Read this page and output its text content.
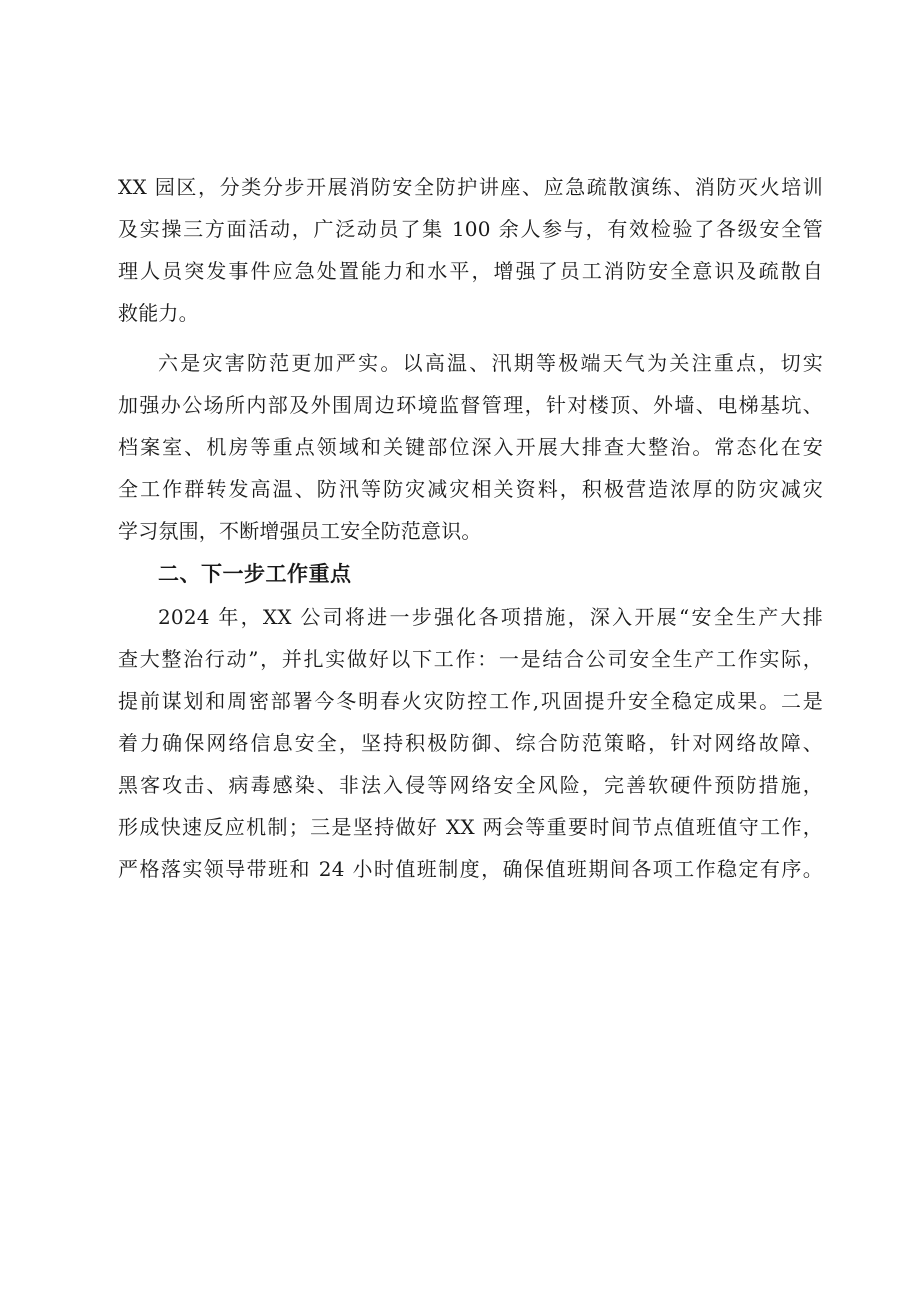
XX 园区，分类分步开展消防安全防护讲座、应急疏散演练、消防灭火培训
及实操三方面活动，广泛动员了集 100 余人参与，有效检验了各级安全管
理人员突发事件应急处置能力和水平，增强了员工消防安全意识及疏散自
救能力。
六是灾害防范更加严实。以高温、汛期等极端天气为关注重点，切实
加强办公场所内部及外围周边环境监督管理，针对楼顶、外墙、电梯基坑、
档案室、机房等重点领域和关键部位深入开展大排查大整治。常态化在安
全工作群转发高温、防汛等防灾减灾相关资料，积极营造浓厚的防灾减灾
学习氛围，不断增强员工安全防范意识。
二、下一步工作重点
2024 年，XX 公司将进一步强化各项措施，深入开展“安全生产大排
查大整治行动”，并扎实做好以下工作：一是结合公司安全生产工作实际，
提前谋划和周密部署今冬明春火灾防控工作,巩固提升安全稳定成果。二是
着力确保网络信息安全，坚持积极防御、综合防范策略，针对网络故障、
黑客攻击、病毒感染、非法入侵等网络安全风险，完善软硬件预防措施，
形成快速反应机制；三是坚持做好 XX 两会等重要时间节点值班值守工作，
严格落实领导带班和 24 小时值班制度，确保值班期间各项工作稳定有序。
